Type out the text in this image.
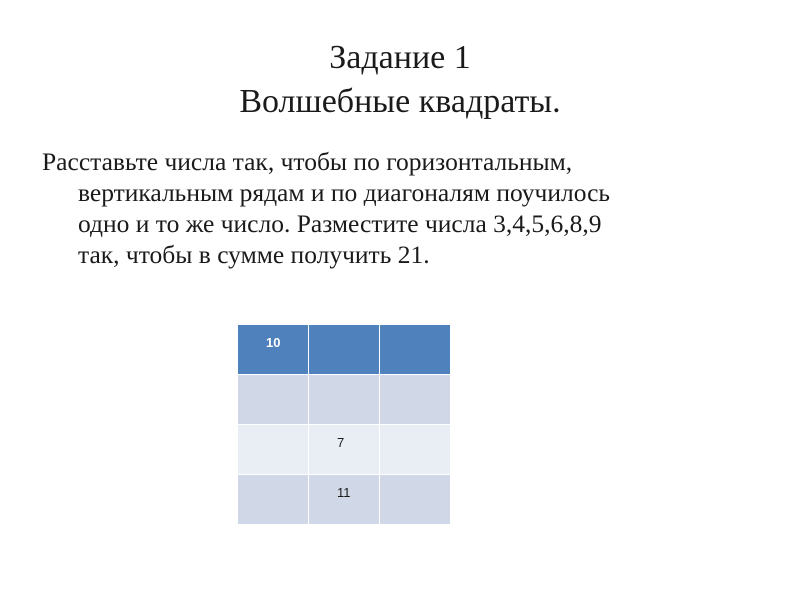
Задание 1
Волшебные квадраты.
Расставьте числа так, чтобы по горизонтальным,
вертикальным рядам и по диагоналям поучилось
одно и то же число. Разместите числа 3,4,5,6,8,9
так, чтобы в сумме получить 21.
10		

	7	

	11	
